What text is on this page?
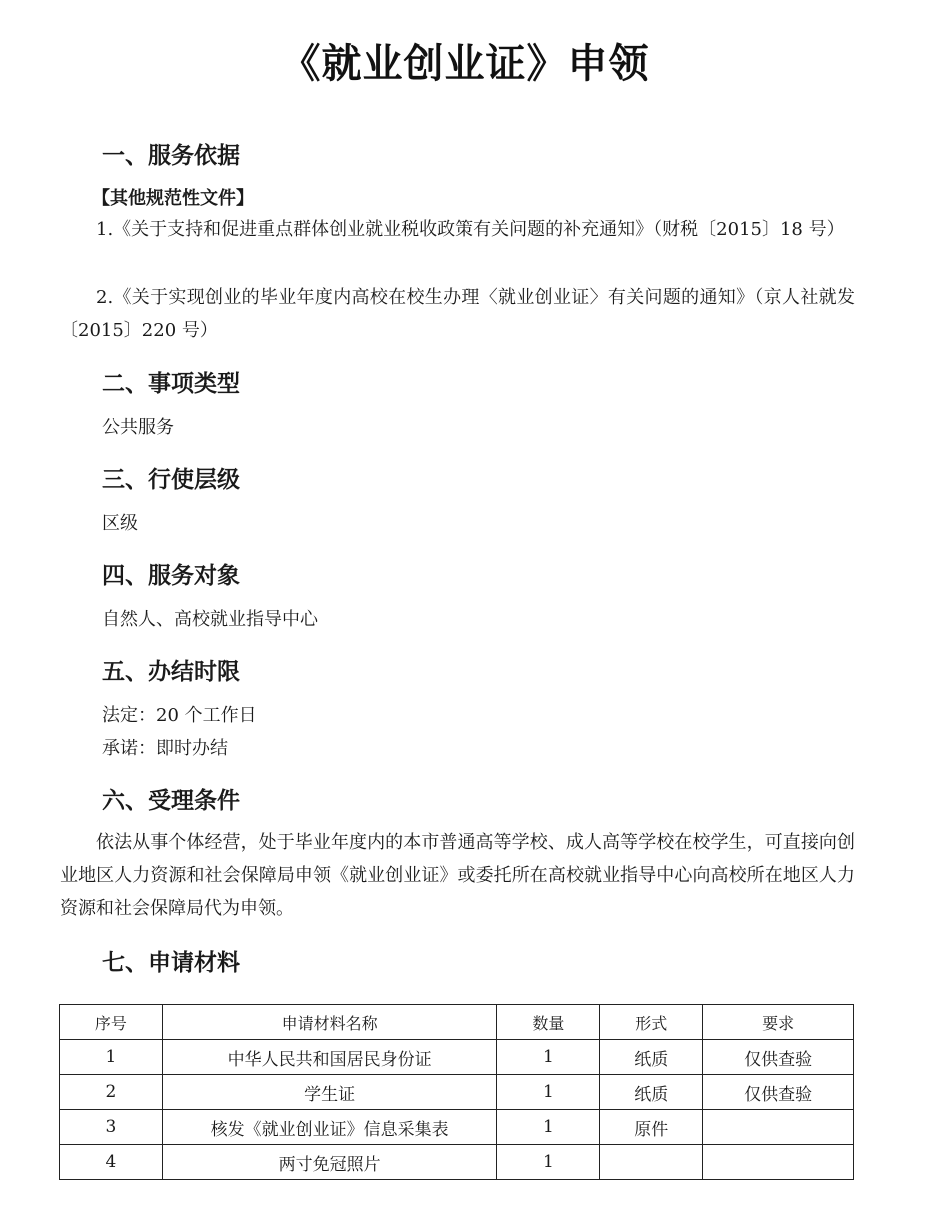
《就业创业证》申领
一、服务依据
【其他规范性文件】
1.《关于支持和促进重点群体创业就业税收政策有关问题的补充通知》（财税〔2015〕18 号）
2.《关于实现创业的毕业年度内高校在校生办理〈就业创业证〉有关问题的通知》（京人社就发〔2015〕220 号）
二、事项类型
公共服务
三、行使层级
区级
四、服务对象
自然人、高校就业指导中心
五、办结时限
法定：20 个工作日
承诺：即时办结
六、受理条件
依法从事个体经营，处于毕业年度内的本市普通高等学校、成人高等学校在校学生，可直接向创业地区人力资源和社会保障局申领《就业创业证》或委托所在高校就业指导中心向高校所在地区人力资源和社会保障局代为申领。
七、申请材料
序号	申请材料名称	数量	形式	要求
1	中华人民共和国居民身份证	1	纸质	仅供查验
2	学生证	1	纸质	仅供查验
3	核发《就业创业证》信息采集表	1	原件	
4	两寸免冠照片	1		
